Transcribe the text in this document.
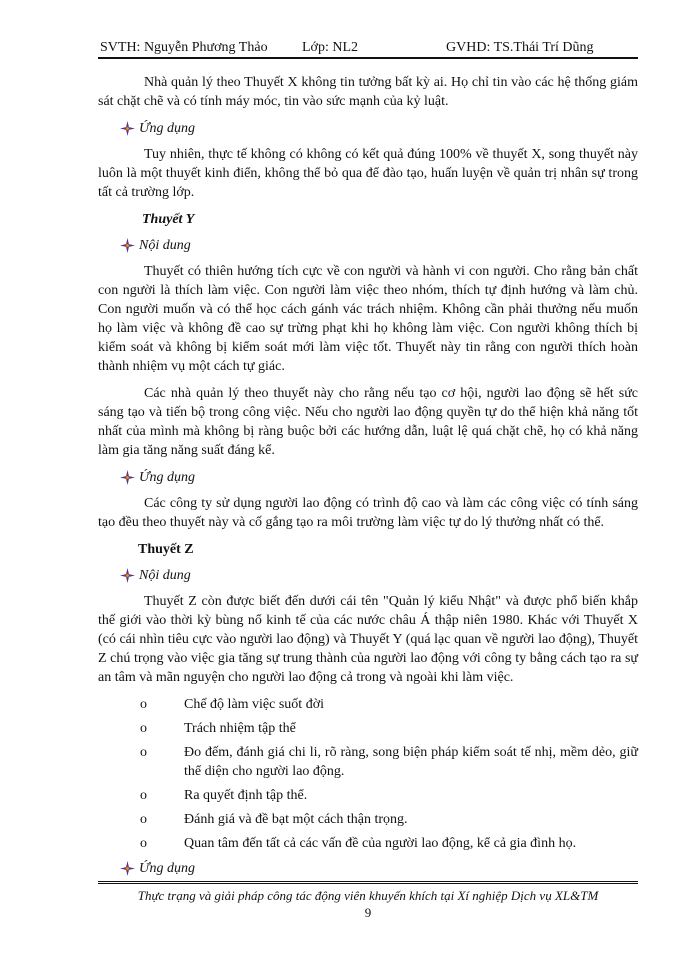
SVTH: Nguyễn Phương Thảo Lớp: NL2	GVHD: TS.Thái Trí Dũng

Nhà quản lý theo Thuyết X không tin tưởng bất kỳ ai. Họ chỉ tin vào các hệ thống giám sát chặt chẽ và có tính máy móc, tin vào sức mạnh của kỷ luật.

Ứng dụng

Tuy nhiên, thực tế không có không có kết quả đúng 100% về thuyết X, song thuyết này luôn là một thuyết kinh điển, không thể bỏ qua để đào tạo, huấn luyện về quản trị nhân sự trong tất cả trường lớp.

Thuyết Y
Nội dung

Thuyết có thiên hướng tích cực về con người và hành vi con người. Cho rằng bản chất con người là thích làm việc. Con người làm việc theo nhóm, thích tự định hướng và làm chủ. Con người muốn và có thể học cách gánh vác trách nhiệm. Không cần phải thưởng nếu muốn họ làm việc và không đề cao sự trừng phạt khi họ không làm việc. Con người không thích bị kiểm soát và không bị kiểm soát mới làm việc tốt. Thuyết này tin rằng con người thích hoàn thành nhiệm vụ một cách tự giác.

Các nhà quản lý theo thuyết này cho rằng nếu tạo cơ hội, người lao động sẽ hết sức sáng tạo và tiến bộ trong công việc. Nếu cho người lao động quyền tự do thể hiện khả năng tốt nhất của mình mà không bị ràng buộc bởi các hướng dẫn, luật lệ quá chặt chẽ, họ có khả năng làm gia tăng năng suất đáng kể.

Ứng dụng

Các công ty sử dụng người lao động có trình độ cao và làm các công việc có tính sáng tạo đều theo thuyết này và cố gắng tạo ra môi trường làm việc tự do lý thưởng nhất có thể.

Thuyết Z
Nội dung

Thuyết Z còn được biết đến dưới cái tên "Quản lý kiểu Nhật" và được phổ biến khắp thế giới vào thời kỳ bùng nổ kinh tế của các nước châu Á thập niên 1980. Khác với Thuyết X (có cái nhìn tiêu cực vào người lao động) và Thuyết Y (quá lạc quan về người lao động), Thuyết Z chú trọng vào việc gia tăng sự trung thành của người lao động với công ty bằng cách tạo ra sự an tâm và mãn nguyện cho người lao động cả trong và ngoài khi làm việc.

o	Chế độ làm việc suốt đời
o	Trách nhiệm tập thể
o	Đo đếm, đánh giá chi li, rõ ràng, song biện pháp kiểm soát tế nhị, mềm dẻo, giữ thể diện cho người lao động.
o	Ra quyết định tập thể.
o	Đánh giá và đề bạt một cách thận trọng.
o	Quan tâm đến tất cả các vấn đề của người lao động, kể cả gia đình họ.
Ứng dụng
Thực trạng và giải pháp công tác động viên khuyến khích tại Xí nghiệp Dịch vụ XL&TM
9
